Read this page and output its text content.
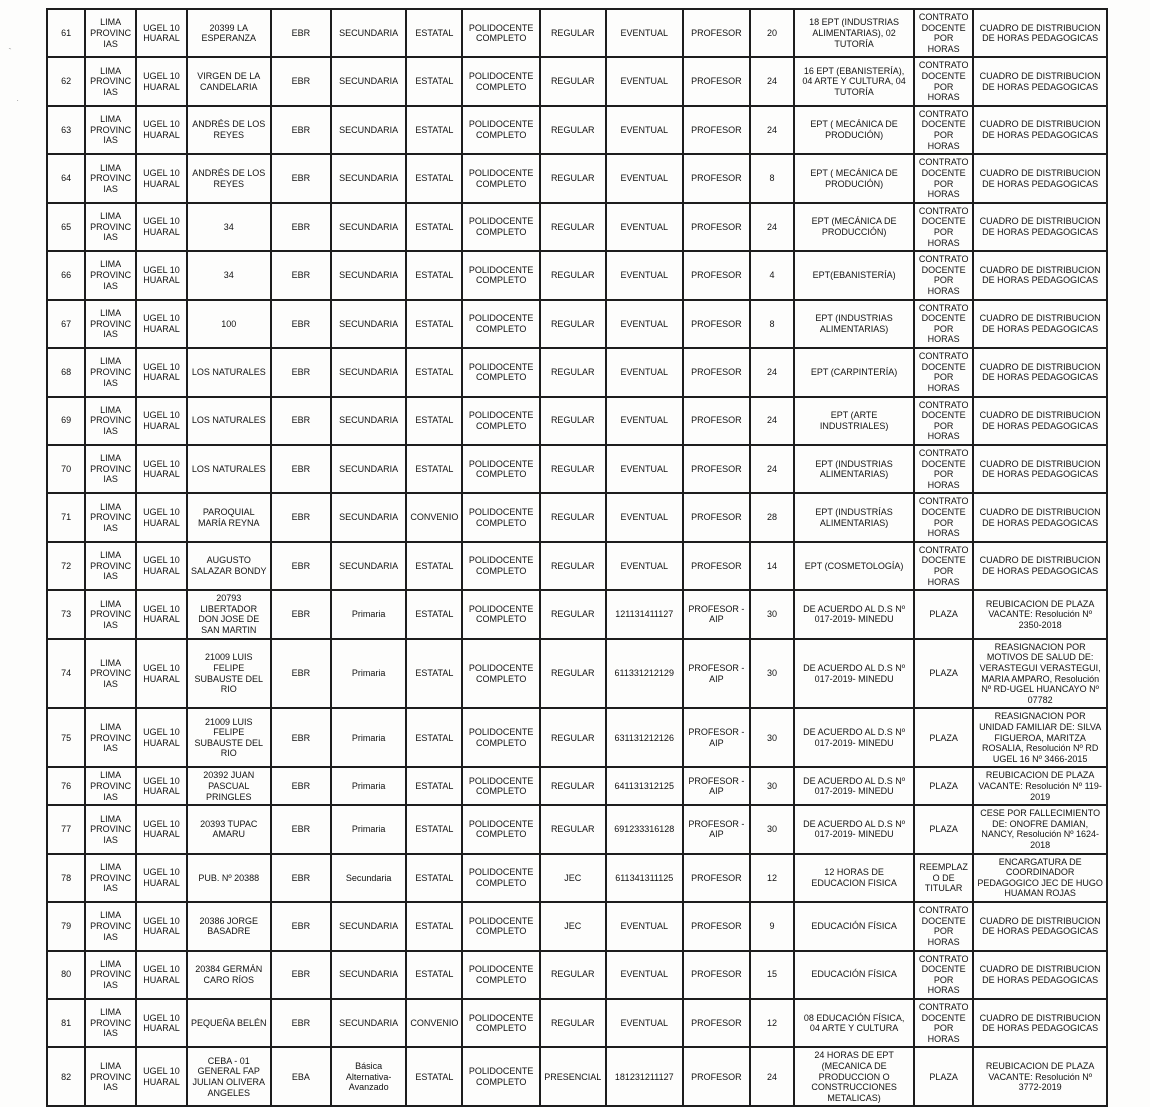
`
.
61	LIMA PROVINCIAS	UGEL 10 HUARAL	20399 LA ESPERANZA	EBR	SECUNDARIA	ESTATAL	POLIDOCENTE COMPLETO	REGULAR	EVENTUAL	PROFESOR	20	18 EPT (INDUSTRIAS ALIMENTARIAS), 02 TUTORÍA	CONTRATO DOCENTE POR HORAS	CUADRO DE DISTRIBUCION DE HORAS PEDAGOGICAS
62	LIMA PROVINCIAS	UGEL 10 HUARAL	VIRGEN DE LA CANDELARIA	EBR	SECUNDARIA	ESTATAL	POLIDOCENTE COMPLETO	REGULAR	EVENTUAL	PROFESOR	24	16 EPT (EBANISTERÍA), 04 ARTE Y CULTURA, 04 TUTORÍA	CONTRATO DOCENTE POR HORAS	CUADRO DE DISTRIBUCION DE HORAS PEDAGOGICAS
63	LIMA PROVINCIAS	UGEL 10 HUARAL	ANDRÉS DE LOS REYES	EBR	SECUNDARIA	ESTATAL	POLIDOCENTE COMPLETO	REGULAR	EVENTUAL	PROFESOR	24	EPT ( MECÁNICA DE PRODUCIÓN)	CONTRATO DOCENTE POR HORAS	CUADRO DE DISTRIBUCION DE HORAS PEDAGOGICAS
64	LIMA PROVINCIAS	UGEL 10 HUARAL	ANDRÉS DE LOS REYES	EBR	SECUNDARIA	ESTATAL	POLIDOCENTE COMPLETO	REGULAR	EVENTUAL	PROFESOR	8	EPT ( MECÁNICA DE PRODUCIÓN)	CONTRATO DOCENTE POR HORAS	CUADRO DE DISTRIBUCION DE HORAS PEDAGOGICAS
65	LIMA PROVINCIAS	UGEL 10 HUARAL	34	EBR	SECUNDARIA	ESTATAL	POLIDOCENTE COMPLETO	REGULAR	EVENTUAL	PROFESOR	24	EPT (MECÁNICA DE PRODUCCIÓN)	CONTRATO DOCENTE POR HORAS	CUADRO DE DISTRIBUCION DE HORAS PEDAGOGICAS
66	LIMA PROVINCIAS	UGEL 10 HUARAL	34	EBR	SECUNDARIA	ESTATAL	POLIDOCENTE COMPLETO	REGULAR	EVENTUAL	PROFESOR	4	EPT(EBANISTERÍA)	CONTRATO DOCENTE POR HORAS	CUADRO DE DISTRIBUCION DE HORAS PEDAGOGICAS
67	LIMA PROVINCIAS	UGEL 10 HUARAL	100	EBR	SECUNDARIA	ESTATAL	POLIDOCENTE COMPLETO	REGULAR	EVENTUAL	PROFESOR	8	EPT (INDUSTRIAS ALIMENTARIAS)	CONTRATO DOCENTE POR HORAS	CUADRO DE DISTRIBUCION DE HORAS PEDAGOGICAS
68	LIMA PROVINCIAS	UGEL 10 HUARAL	LOS NATURALES	EBR	SECUNDARIA	ESTATAL	POLIDOCENTE COMPLETO	REGULAR	EVENTUAL	PROFESOR	24	EPT (CARPINTERÍA)	CONTRATO DOCENTE POR HORAS	CUADRO DE DISTRIBUCION DE HORAS PEDAGOGICAS
69	LIMA PROVINCIAS	UGEL 10 HUARAL	LOS NATURALES	EBR	SECUNDARIA	ESTATAL	POLIDOCENTE COMPLETO	REGULAR	EVENTUAL	PROFESOR	24	EPT (ARTE INDUSTRIALES)	CONTRATO DOCENTE POR HORAS	CUADRO DE DISTRIBUCION DE HORAS PEDAGOGICAS
70	LIMA PROVINCIAS	UGEL 10 HUARAL	LOS NATURALES	EBR	SECUNDARIA	ESTATAL	POLIDOCENTE COMPLETO	REGULAR	EVENTUAL	PROFESOR	24	EPT (INDUSTRIAS ALIMENTARIAS)	CONTRATO DOCENTE POR HORAS	CUADRO DE DISTRIBUCION DE HORAS PEDAGOGICAS
71	LIMA PROVINCIAS	UGEL 10 HUARAL	PAROQUIAL MARÍA REYNA	EBR	SECUNDARIA	CONVENIO	POLIDOCENTE COMPLETO	REGULAR	EVENTUAL	PROFESOR	28	EPT (INDUSTRÍAS ALIMENTARIAS)	CONTRATO DOCENTE POR HORAS	CUADRO DE DISTRIBUCION DE HORAS PEDAGOGICAS
72	LIMA PROVINCIAS	UGEL 10 HUARAL	AUGUSTO SALAZAR BONDY	EBR	SECUNDARIA	ESTATAL	POLIDOCENTE COMPLETO	REGULAR	EVENTUAL	PROFESOR	14	EPT (COSMETOLOGÍA)	CONTRATO DOCENTE POR HORAS	CUADRO DE DISTRIBUCION DE HORAS PEDAGOGICAS
73	LIMA PROVINCIAS	UGEL 10 HUARAL	20793 LIBERTADOR DON JOSE DE SAN MARTIN	EBR	Primaria	ESTATAL	POLIDOCENTE COMPLETO	REGULAR	121131411127	PROFESOR - AIP	30	DE ACUERDO AL D.S Nº 017-2019- MINEDU	PLAZA	REUBICACION DE PLAZA VACANTE: Resolución Nº 2350-2018
74	LIMA PROVINCIAS	UGEL 10 HUARAL	21009 LUIS FELIPE SUBAUSTE DEL RIO	EBR	Primaria	ESTATAL	POLIDOCENTE COMPLETO	REGULAR	611331212129	PROFESOR - AIP	30	DE ACUERDO AL D.S Nº 017-2019- MINEDU	PLAZA	REASIGNACION POR MOTIVOS DE SALUD DE: VERASTEGUI VERASTEGUI, MARIA AMPARO, Resolución Nº RD-UGEL HUANCAYO Nº 07782
75	LIMA PROVINCIAS	UGEL 10 HUARAL	21009 LUIS FELIPE SUBAUSTE DEL RIO	EBR	Primaria	ESTATAL	POLIDOCENTE COMPLETO	REGULAR	631131212126	PROFESOR - AIP	30	DE ACUERDO AL D.S Nº 017-2019- MINEDU	PLAZA	REASIGNACION POR UNIDAD FAMILIAR DE: SILVA FIGUEROA, MARITZA ROSALIA, Resolución Nº RD UGEL 16 Nº 3466-2015
76	LIMA PROVINCIAS	UGEL 10 HUARAL	20392 JUAN PASCUAL PRINGLES	EBR	Primaria	ESTATAL	POLIDOCENTE COMPLETO	REGULAR	641131312125	PROFESOR - AIP	30	DE ACUERDO AL D.S Nº 017-2019- MINEDU	PLAZA	REUBICACION DE PLAZA VACANTE: Resolución Nº 119-2019
77	LIMA PROVINCIAS	UGEL 10 HUARAL	20393 TUPAC AMARU	EBR	Primaria	ESTATAL	POLIDOCENTE COMPLETO	REGULAR	691233316128	PROFESOR - AIP	30	DE ACUERDO AL D.S Nº 017-2019- MINEDU	PLAZA	CESE POR FALLECIMIENTO DE: ONOFRE DAMIAN, NANCY, Resolución Nº 1624-2018
78	LIMA PROVINCIAS	UGEL 10 HUARAL	PUB. Nº 20388	EBR	Secundaria	ESTATAL	POLIDOCENTE COMPLETO	JEC	611341311125	PROFESOR	12	12 HORAS DE EDUCACION FISICA	REEMPLAZO DE TITULAR	ENCARGATURA DE COORDINADOR PEDAGOGICO JEC DE HUGO HUAMAN ROJAS
79	LIMA PROVINCIAS	UGEL 10 HUARAL	20386 JORGE BASADRE	EBR	SECUNDARIA	ESTATAL	POLIDOCENTE COMPLETO	JEC	EVENTUAL	PROFESOR	9	EDUCACIÓN FÍSICA	CONTRATO DOCENTE POR HORAS	CUADRO DE DISTRIBUCION DE HORAS PEDAGOGICAS
80	LIMA PROVINCIAS	UGEL 10 HUARAL	20384 GERMÁN CARO RÍOS	EBR	SECUNDARIA	ESTATAL	POLIDOCENTE COMPLETO	REGULAR	EVENTUAL	PROFESOR	15	EDUCACIÓN FÍSICA	CONTRATO DOCENTE POR HORAS	CUADRO DE DISTRIBUCION DE HORAS PEDAGOGICAS
81	LIMA PROVINCIAS	UGEL 10 HUARAL	PEQUEÑA BELÉN	EBR	SECUNDARIA	CONVENIO	POLIDOCENTE COMPLETO	REGULAR	EVENTUAL	PROFESOR	12	08 EDUCACIÓN FÍSICA, 04 ARTE Y CULTURA	CONTRATO DOCENTE POR HORAS	CUADRO DE DISTRIBUCION DE HORAS PEDAGOGICAS
82	LIMA PROVINCIAS	UGEL 10 HUARAL	CEBA - 01 GENERAL FAP JULIAN OLIVERA ANGELES	EBA	Básica Alternativa-Avanzado	ESTATAL	POLIDOCENTE COMPLETO	PRESENCIAL	181231211127	PROFESOR	24	24 HORAS DE EPT (MECANICA DE PRODUCCION O CONSTRUCCIONES METALICAS)	PLAZA	REUBICACION DE PLAZA VACANTE: Resolución Nº 3772-2019
